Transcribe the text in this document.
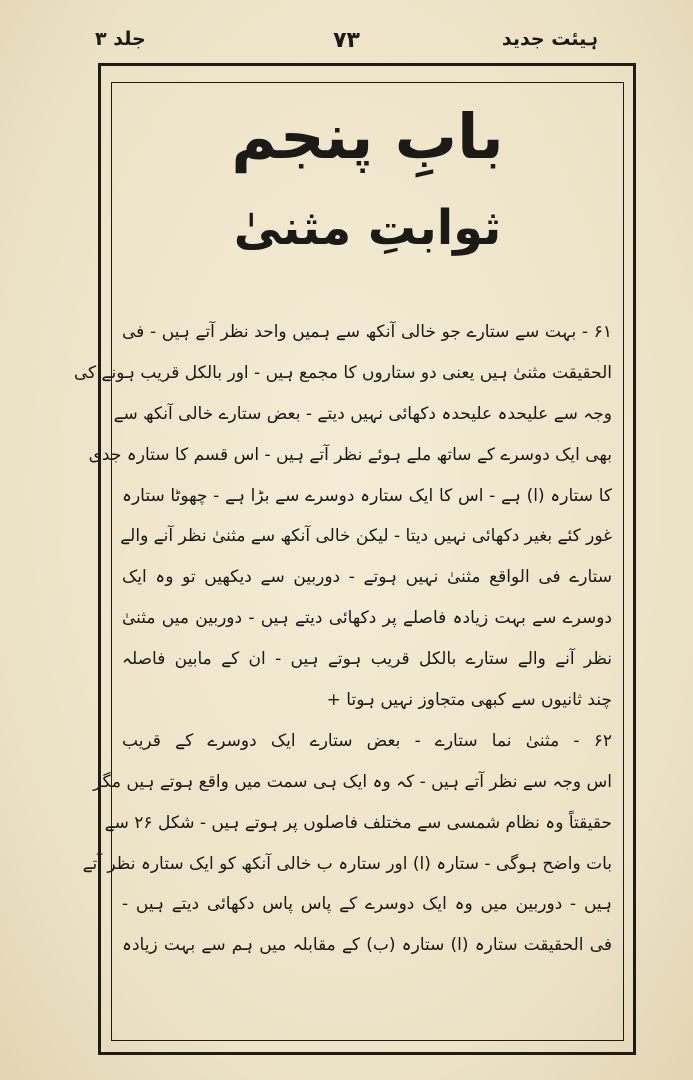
ہیئت جدید
۷۳
جلد ۳
بابِ پنجم
ثوابتِ مثنیٰ
۶۱ - بہت سے ستارے جو خالی آنکھ سے ہمیں واحد نظر آتے ہیں - فی
الحقیقت مثنیٰ ہیں یعنی دو ستاروں کا مجمع ہیں - اور بالکل قریب ہونے کی
وجہ سے علیحدہ علیحدہ دکھائی نہیں دیتے - بعض ستارے خالی آنکھ سے
بھی ایک دوسرے کے ساتھ ملے ہوئے نظر آتے ہیں - اس قسم کا ستارہ جدی
کا ستارہ (ا) ہے - اس کا ایک ستارہ دوسرے سے بڑا ہے - چھوٹا ستارہ
غور کئے بغیر دکھائی نہیں دیتا - لیکن خالی آنکھ سے مثنیٰ نظر آنے والے
ستارے فی الواقع مثنیٰ نہیں ہوتے - دوربین سے دیکھیں تو وہ ایک
دوسرے سے بہت زیادہ فاصلے پر دکھائی دیتے ہیں - دوربین میں مثنیٰ
نظر آنے والے ستارے بالکل قریب ہوتے ہیں - ان کے مابین فاصلہ
چند ثانیوں سے کبھی متجاوز نہیں ہوتا +
۶۲ - مثنیٰ نما ستارے - بعض ستارے ایک دوسرے کے قریب
اس وجہ سے نظر آتے ہیں - کہ وہ ایک ہی سمت میں واقع ہوتے ہیں مگر
حقیقتاً وہ نظام شمسی سے مختلف فاصلوں پر ہوتے ہیں - شکل ۲۶ سے
بات واضح ہوگی - ستارہ (ا) اور ستارہ ب خالی آنکھ کو ایک ستارہ نظر آتے
ہیں - دوربین میں وہ ایک دوسرے کے پاس پاس دکھائی دیتے ہیں -
فی الحقیقت ستارہ (ا) ستارہ (ب) کے مقابلہ میں ہم سے بہت زیادہ
